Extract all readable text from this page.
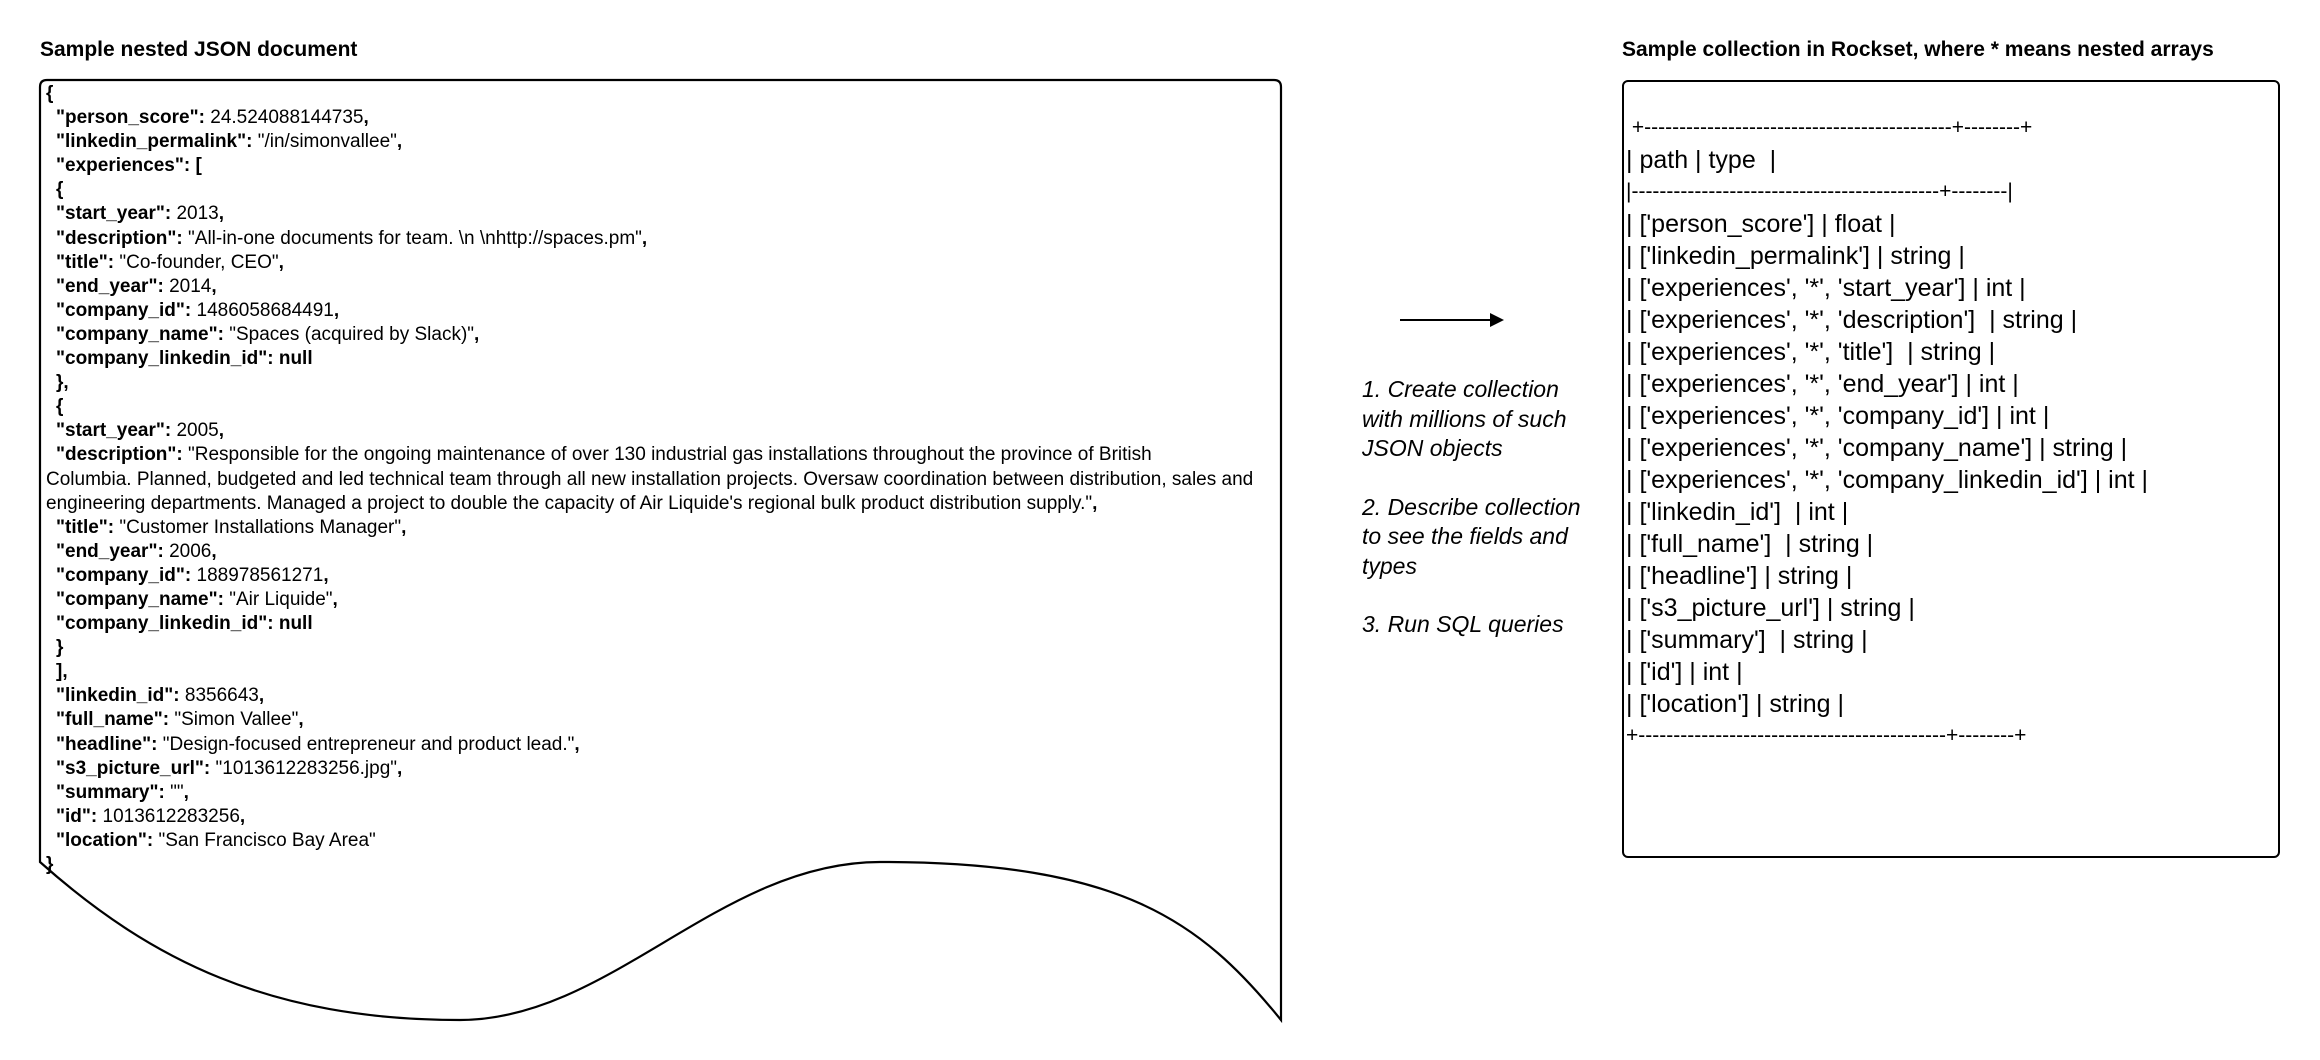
Sample nested JSON document	Sample collection in Rockset, where * means nested arrays
{
"person_score": 24.524088144735,
"linkedin_permalink": "/in/simonvallee",
"experiences": [
{
"start_year": 2013,
"description": "All-in-one documents for team. \n \nhttp://spaces.pm",
"title": "Co-founder, CEO",
"end_year": 2014,
"company_id": 1486058684491,
"company_name": "Spaces (acquired by Slack)",
"company_linkedin_id": null
},
{
"start_year": 2005,
"description": "Responsible for the ongoing maintenance of over 130 industrial gas installations throughout the province of British
Columbia. Planned, budgeted and led technical team through all new installation projects. Oversaw coordination between distribution, sales and engineering departments. Managed a project to double the capacity of Air Liquide's regional bulk product distribution supply.",
"title": "Customer Installations Manager",
"end_year": 2006,
"company_id": 188978561271,
"company_name": "Air Liquide",
"company_linkedin_id": null
}
],
"linkedin_id": 8356643,
"full_name": "Simon Vallee",
"headline": "Design-focused entrepreneur and product lead.",
"s3_picture_url": "1013612283256.jpg",
"summary": "",
"id": 1013612283256,
"location": "San Francisco Bay Area"
}
1. Create collection with millions of such JSON objects
2. Describe collection to see the fields and types
3. Run SQL queries
+--------------------------------------------+--------+
| path | type  |
|--------------------------------------------+--------|
| ['person_score'] | float |
| ['linkedin_permalink'] | string |
| ['experiences', '*', 'start_year'] | int |
| ['experiences', '*', 'description']  | string |
| ['experiences', '*', 'title']  | string |
| ['experiences', '*', 'end_year'] | int |
| ['experiences', '*', 'company_id'] | int |
| ['experiences', '*', 'company_name'] | string |
| ['experiences', '*', 'company_linkedin_id'] | int |
| ['linkedin_id']  | int |
| ['full_name']  | string |
| ['headline'] | string |
| ['s3_picture_url'] | string |
| ['summary']  | string |
| ['id'] | int |
| ['location'] | string |
+--------------------------------------------+--------+
